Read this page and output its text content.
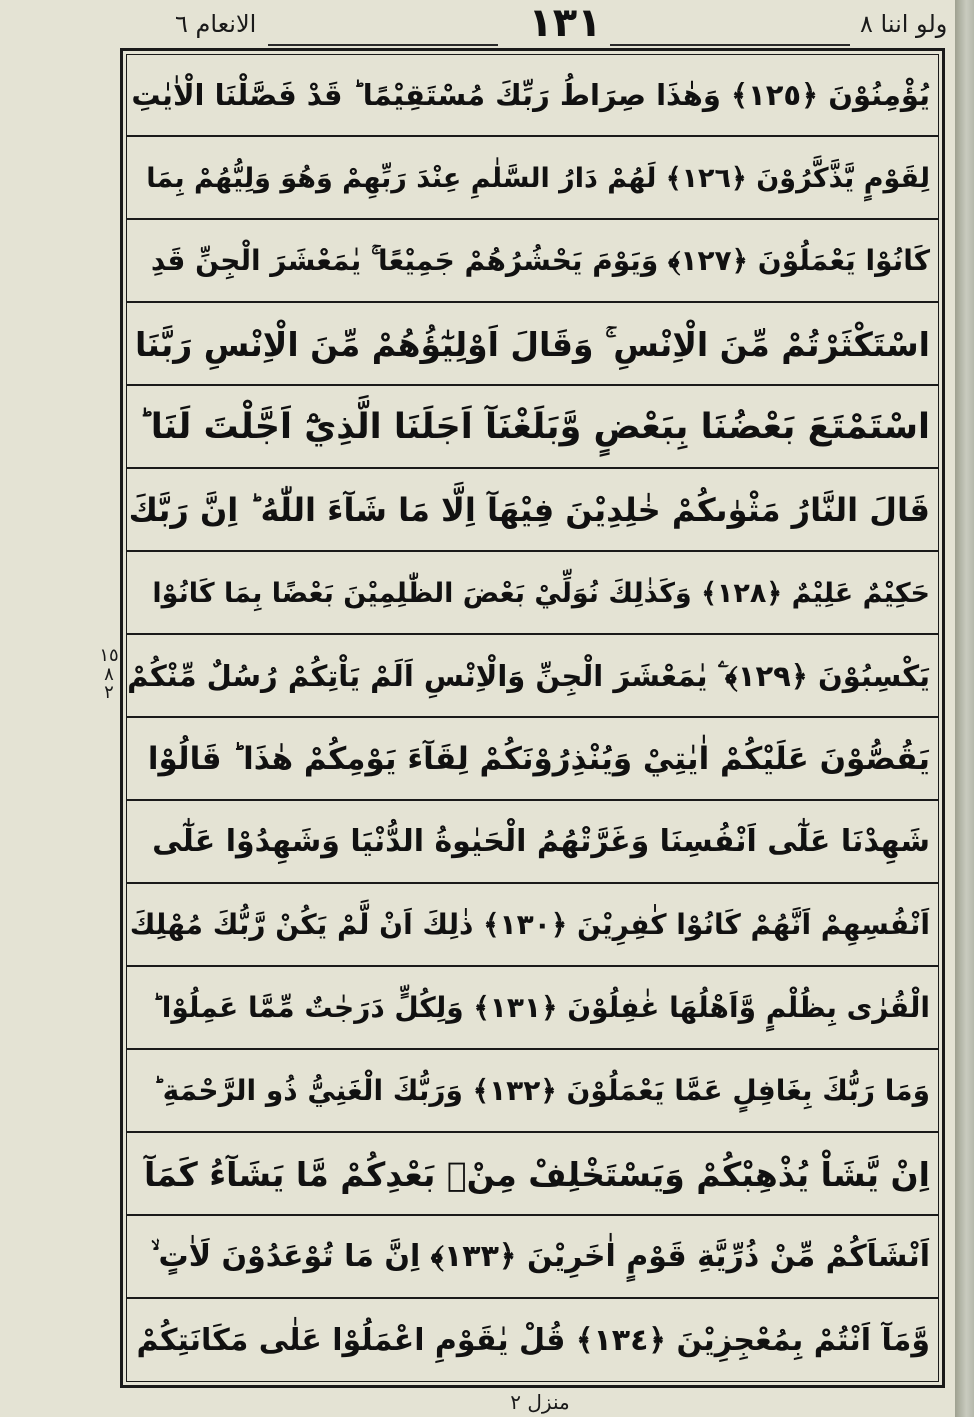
ولو اننا ٨
١٣١
الانعام ٦
يُؤْمِنُوْنَ ﴿١٢٥﴾ وَهٰذَا صِرَاطُ رَبِّكَ مُسْتَقِيْمًا ؕ قَدْ فَصَّلْنَا الْاٰيٰتِ
لِقَوْمٍ يَّذَّكَّرُوْنَ ﴿١٢٦﴾ لَهُمْ دَارُ السَّلٰمِ عِنْدَ رَبِّهِمْ وَهُوَ وَلِيُّهُمْ بِمَا
كَانُوْا يَعْمَلُوْنَ ﴿١٢٧﴾ وَيَوْمَ يَحْشُرُهُمْ جَمِيْعًا ۚ يٰمَعْشَرَ الْجِنِّ قَدِ
اسْتَكْثَرْتُمْ مِّنَ الْاِنْسِ ۚ وَقَالَ اَوْلِيٰٓؤُهُمْ مِّنَ الْاِنْسِ رَبَّنَا
اسْتَمْتَعَ بَعْضُنَا بِبَعْضٍ وَّبَلَغْنَآ اَجَلَنَا الَّذِيْٓ اَجَّلْتَ لَنَا ؕ
قَالَ النَّارُ مَثْوٰىكُمْ خٰلِدِيْنَ فِيْهَآ اِلَّا مَا شَآءَ اللّٰهُ ؕ اِنَّ رَبَّكَ
حَكِيْمٌ عَلِيْمٌ ﴿١٢٨﴾ وَكَذٰلِكَ نُوَلِّيْ بَعْضَ الظّٰلِمِيْنَ بَعْضًا بِمَا كَانُوْا
يَكْسِبُوْنَ ﴿١٢٩﴾ ۧ يٰمَعْشَرَ الْجِنِّ وَالْاِنْسِ اَلَمْ يَاْتِكُمْ رُسُلٌ مِّنْكُمْ
يَقُصُّوْنَ عَلَيْكُمْ اٰيٰتِيْ وَيُنْذِرُوْنَكُمْ لِقَآءَ يَوْمِكُمْ هٰذَا ؕ قَالُوْا
شَهِدْنَا عَلٰٓى اَنْفُسِنَا وَغَرَّتْهُمُ الْحَيٰوةُ الدُّنْيَا وَشَهِدُوْا عَلٰٓى
اَنْفُسِهِمْ اَنَّهُمْ كَانُوْا كٰفِرِيْنَ ﴿١٣٠﴾ ذٰلِكَ اَنْ لَّمْ يَكُنْ رَّبُّكَ مُهْلِكَ
الْقُرٰى بِظُلْمٍ وَّاَهْلُهَا غٰفِلُوْنَ ﴿١٣١﴾ وَلِكُلٍّ دَرَجٰتٌ مِّمَّا عَمِلُوْا ؕ
وَمَا رَبُّكَ بِغَافِلٍ عَمَّا يَعْمَلُوْنَ ﴿١٣٢﴾ وَرَبُّكَ الْغَنِيُّ ذُو الرَّحْمَةِ ؕ
اِنْ يَّشَاْ يُذْهِبْكُمْ وَيَسْتَخْلِفْ مِنْۢ بَعْدِكُمْ مَّا يَشَآءُ كَمَآ
اَنْشَاَكُمْ مِّنْ ذُرِّيَّةِ قَوْمٍ اٰخَرِيْنَ ﴿١٣٣﴾ اِنَّ مَا تُوْعَدُوْنَ لَاٰتٍ ۙ
وَّمَآ اَنْتُمْ بِمُعْجِزِيْنَ ﴿١٣٤﴾ قُلْ يٰقَوْمِ اعْمَلُوْا عَلٰى مَكَانَتِكُمْ
١٥
٨
٢
منزل ٢
